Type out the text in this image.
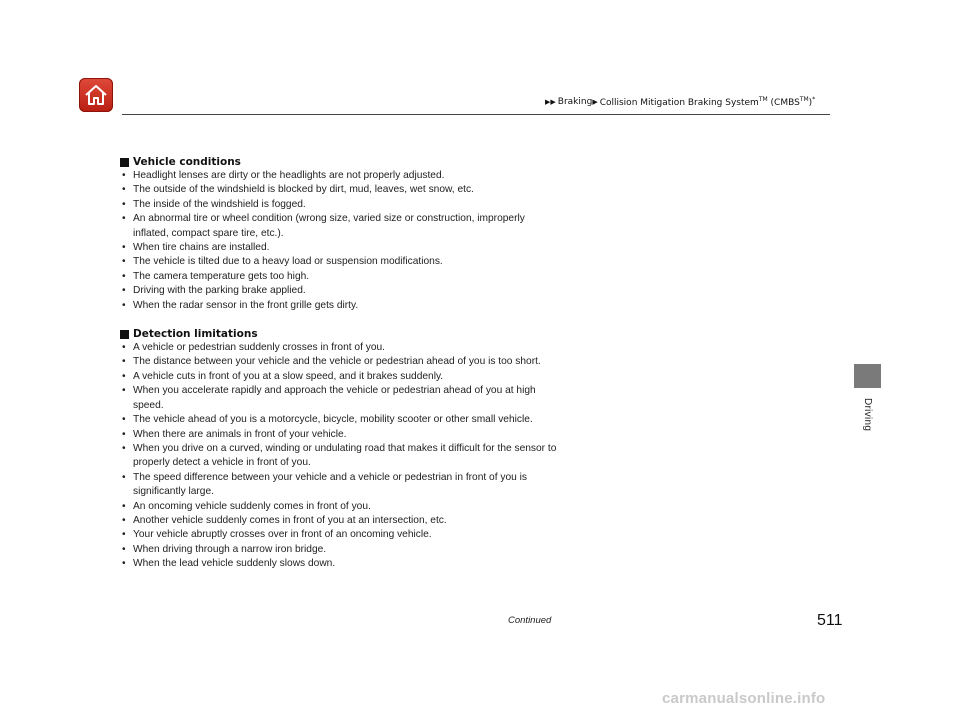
▶▶ Braking ▶ Collision Mitigation Braking System™ (CMBS™)*
Vehicle conditions
• Headlight lenses are dirty or the headlights are not properly adjusted.
• The outside of the windshield is blocked by dirt, mud, leaves, wet snow, etc.
• The inside of the windshield is fogged.
• An abnormal tire or wheel condition (wrong size, varied size or construction, improperly inflated, compact spare tire, etc.).
• When tire chains are installed.
• The vehicle is tilted due to a heavy load or suspension modifications.
• The camera temperature gets too high.
• Driving with the parking brake applied.
• When the radar sensor in the front grille gets dirty.
Detection limitations
• A vehicle or pedestrian suddenly crosses in front of you.
• The distance between your vehicle and the vehicle or pedestrian ahead of you is too short.
• A vehicle cuts in front of you at a slow speed, and it brakes suddenly.
• When you accelerate rapidly and approach the vehicle or pedestrian ahead of you at high speed.
• The vehicle ahead of you is a motorcycle, bicycle, mobility scooter or other small vehicle.
• When there are animals in front of your vehicle.
• When you drive on a curved, winding or undulating road that makes it difficult for the sensor to properly detect a vehicle in front of you.
• The speed difference between your vehicle and a vehicle or pedestrian in front of you is significantly large.
• An oncoming vehicle suddenly comes in front of you.
• Another vehicle suddenly comes in front of you at an intersection, etc.
• Your vehicle abruptly crosses over in front of an oncoming vehicle.
• When driving through a narrow iron bridge.
• When the lead vehicle suddenly slows down.
Driving
Continued	511
carmanualsonline.info
